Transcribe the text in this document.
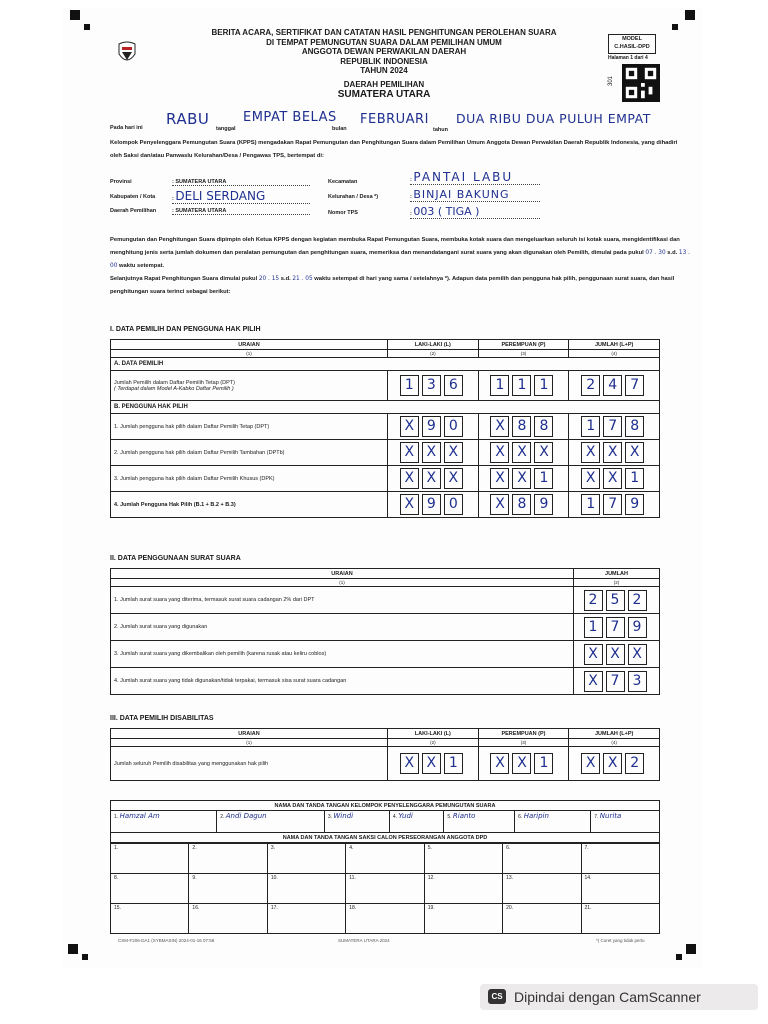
BERITA ACARA, SERTIFIKAT DAN CATATAN HASIL PENGHITUNGAN PEROLEHAN SUARA
DI TEMPAT PEMUNGUTAN SUARA DALAM PEMILIHAN UMUM
ANGGOTA DEWAN PERWAKILAN DAERAH
REPUBLIK INDONESIA
TAHUN 2024
DAERAH PEMILIHAN
SUMATERA UTARA
MODEL
C.HASIL-DPD
Halaman 1 dari 4
301
Pada hari ini RABU
tanggal
EMPAT BELAS
bulan
FEBRUARI
tahun
DUA RIBU DUA PULUH EMPAT
Kelompok Penyelenggara Pemungutan Suara (KPPS) mengadakan Rapat Pemungutan dan Penghitungan Suara dalam Pemilihan Umum Anggota Dewan Perwakilan Daerah Republik Indonesia, yang dihadiri oleh Saksi dan/atau Panwaslu Kelurahan/Desa / Pengawas TPS, bertempat di:
Provinsi	: SUMATERA UTARA
Kabupaten / Kota	: DELI SERDANG
Daerah Pemilihan	: SUMATERA UTARA
Kecamatan	: PANTAI LABU
Kelurahan / Desa *)	: BINJAI BAKUNG
Nomor TPS	: 003 ( TIGA )
Pemungutan dan Penghitungan Suara dipimpin oleh Ketua KPPS dengan kegiatan membuka Rapat Pemungutan Suara, membuka kotak suara dan mengeluarkan seluruh isi kotak suara, mengidentifikasi dan menghitung jenis serta jumlah dokumen dan peralatan pemungutan dan penghitungan suara, memeriksa dan menandatangani surat suara yang akan digunakan oleh Pemilih, dimulai pada pukul 07 . 30 s.d. 13 . 00 waktu setempat.
Selanjutnya Rapat Penghitungan Suara dimulai pukul 20 . 15 s.d. 21 . 05 waktu setempat di hari yang sama / setelahnya *). Adapun data pemilih dan pengguna hak pilih, penggunaan surat suara, dan hasil penghitungan suara terinci sebagai berikut:
I. DATA PEMILIH DAN PENGGUNA HAK PILIH
URAIAN	LAKI-LAKI (L)	PEREMPUAN (P)	JUMLAH (L+P)
(1)	(2)	(3)	(4)
A. DATA PEMILIH			

Jumlah Pemilih dalam Daftar Pemilih Tetap (DPT)
( Terdapat dalam Model A-Kabko Daftar Pemilih )	1 3 6	1 1 1	2 4 7
B. PENGGUNA HAK PILIH			
1. Jumlah pengguna hak pilih dalam Daftar Pemilih Tetap (DPT)	X 9 0	X 8 8	1 7 8
2. Jumlah pengguna hak pilih dalam Daftar Pemilih Tambahan (DPTb)	X X X	X X X	X X X
3. Jumlah pengguna hak pilih dalam Daftar Pemilih Khusus (DPK)	X X X	X X 1	X X 1
4. Jumlah Pengguna Hak Pilih (B.1 + B.2 + B.3)	X 9 0	X 8 9	1 7 9
II. DATA PENGGUNAAN SURAT SUARA
URAIAN	JUMLAH
(1)	(2)
1. Jumlah surat suara yang diterima, termasuk surat suara cadangan 2% dari DPT	2 5 2
2. Jumlah surat suara yang digunakan	1 7 9
3. Jumlah surat suara yang dikembalikan oleh pemilih (karena rusak atau keliru coblos)	X X X
4. Jumlah surat suara yang tidak digunakan/tidak terpakai, termasuk sisa surat suara cadangan	X 7 3
III. DATA PEMILIH DISABILITAS
URAIAN	LAKI-LAKI (L)	PEREMPUAN (P)	JUMLAH (L+P)
(1)	(2)	(3)	(4)
Jumlah seluruh Pemilih disabilitas yang menggunakan hak pilih	X X 1	X X 1	X X 2
NAMA DAN TANDA TANGAN KELOMPOK PENYELENGGARA PEMUNGUTAN SUARA
1. Hamzal Am	2. Andi Dagun	3. Windi	4. Yudi	5. Rianto	6. Haripin	7. Nurita
NAMA DAN TANDA TANGAN SAKSI CALON PERSEORANGAN ANGGOTA DPD
1.	2.	3.	4.	5.	6.	7.
8.	9.	10.	11.	12.	13.	14.
15.	16.	17.	18.	19.	20.	21.
CSM-F206-DA1 (SYBMASIN) 2024-01-16 07:58	SUMATERA UTARA 2024	*) Coret yang tidak perlu
CS Dipindai dengan CamScanner
